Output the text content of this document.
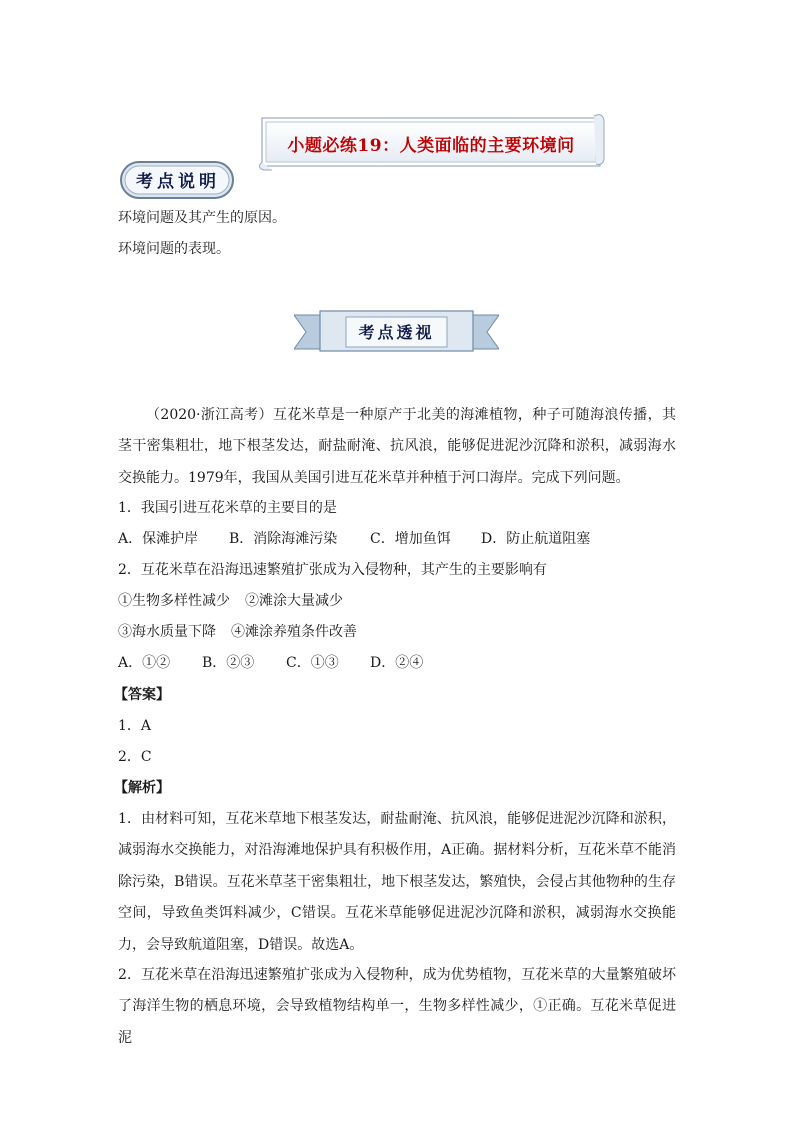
小题必练19：人类面临的主要环境问
考点说明
环境问题及其产生的原因。
环境问题的表现。
考点透视
（2020·浙江高考）互花米草是一种原产于北美的海滩植物，种子可随海浪传播，其茎干密集粗壮，地下根茎发达，耐盐耐淹、抗风浪，能够促进泥沙沉降和淤积，减弱海水交换能力。1979年，我国从美国引进互花米草并种植于河口海岸。完成下列问题。
1．我国引进互花米草的主要目的是
A．保滩护岸 B．消除海滩污染 C．增加鱼饵 D．防止航道阻塞
2．互花米草在沿海迅速繁殖扩张成为入侵物种，其产生的主要影响有
①生物多样性减少 ②滩涂大量减少
③海水质量下降 ④滩涂养殖条件改善
A．①② B．②③ C．①③ D．②④
【答案】
1．A
2．C
【解析】
1．由材料可知，互花米草地下根茎发达，耐盐耐淹、抗风浪，能够促进泥沙沉降和淤积，减弱海水交换能力，对沿海滩地保护具有积极作用，A正确。据材料分析，互花米草不能消除污染，B错误。互花米草茎干密集粗壮，地下根茎发达，繁殖快，会侵占其他物种的生存空间，导致鱼类饵料减少，C错误。互花米草能够促进泥沙沉降和淤积，减弱海水交换能力，会导致航道阻塞，D错误。故选A。
2．互花米草在沿海迅速繁殖扩张成为入侵物种，成为优势植物，互花米草的大量繁殖破坏了海洋生物的栖息环境，会导致植物结构单一，生物多样性减少，①正确。互花米草促进泥
